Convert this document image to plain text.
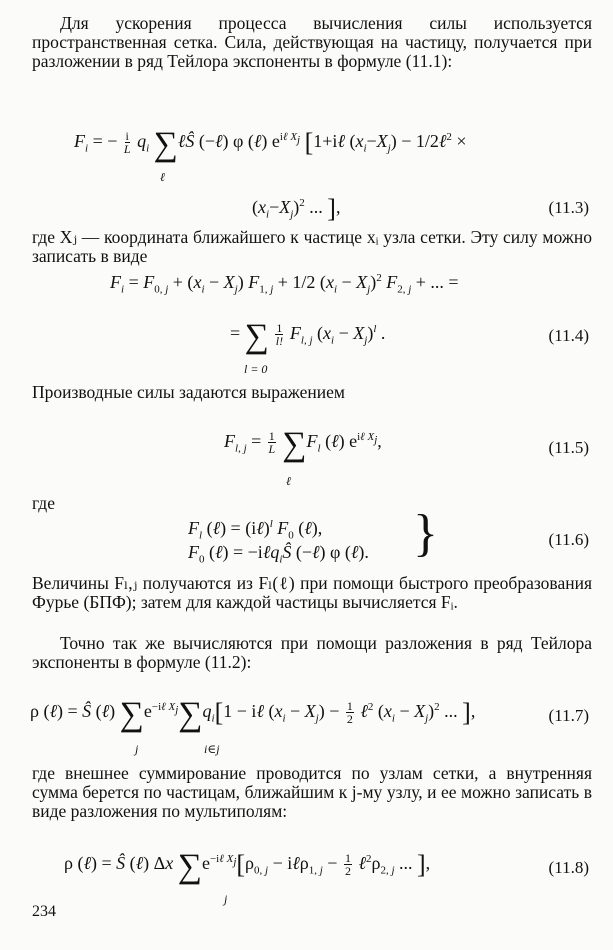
Для ускорения процесса вычисления силы используется пространственная сетка. Сила, действующая на частицу, получается при разложении в ряд Тейлора экспоненты в формуле (11.1):
$F_i$ = − $\frac{i}{L} q_i$ ∑ℓŜ (−ℓ) φ (ℓ) $e^{i\ell X_j}$ [1+iℓ $(x_i-X_j)$ − 1/2ℓ$^2$ ×
ℓ
$(x_i-X_j)^2$ ... ],	(11.3)
где Xⱼ — координата ближайшего к частице xᵢ узла сетки. Эту силу можно записать в виде
$F_i = F_{0, j} + (x_i - X_j) F_{1, j} + 1/2$ $(x_i - X_j)^2$ $F_{2, j}$ + ... =
= ∑ $\frac{1}{l!} F_{l, j}$ $(x_i - X_j)^l$ .
l = 0
(11.4)
Производные силы задаются выражением
$F_{l, j} = \frac{1}{L} \sum F_l$ (ℓ) $e^{i\ell X_j}$,
ℓ
(11.5)
где
$F_l$ (ℓ) = (iℓ)$^l$ $F_0$ (ℓ),
$F_0$ (ℓ) = −iℓq$_i$Ŝ (−ℓ) φ (ℓ). }	(11.6)
Величины Fₗ,ⱼ получаются из Fₗ(ℓ) при помощи быстрого преобразования Фурье (БПФ); затем для каждой частицы вычисляется Fᵢ.
Точно так же вычисляются при помощи разложения в ряд Тейлора экспоненты в формуле (11.2):
ρ (ℓ) = Ŝ (ℓ) $\sum e^{-i\ell X_j}\sum q_i[1$ − iℓ $(x_i - X_j) - \frac{1}{2}$ ℓ$^2$ $(x_i - X_j)^2$ ... ],
j	i∈j
(11.7)
где внешнее суммирование проводится по узлам сетки, а внутренняя сумма берется по частицам, ближайшим к j-му узлу, и ее можно записать в виде разложения по мультиполям:
ρ (ℓ) = Ŝ (ℓ) Δx $\sum e^{-i\ell X_j}[\rho_{0, j}$ − iℓρ$_{1, j}$ − $\frac{1}{2}$ $\ell^2\rho_{2, j}$ ... ],
j
(11.8)
234
